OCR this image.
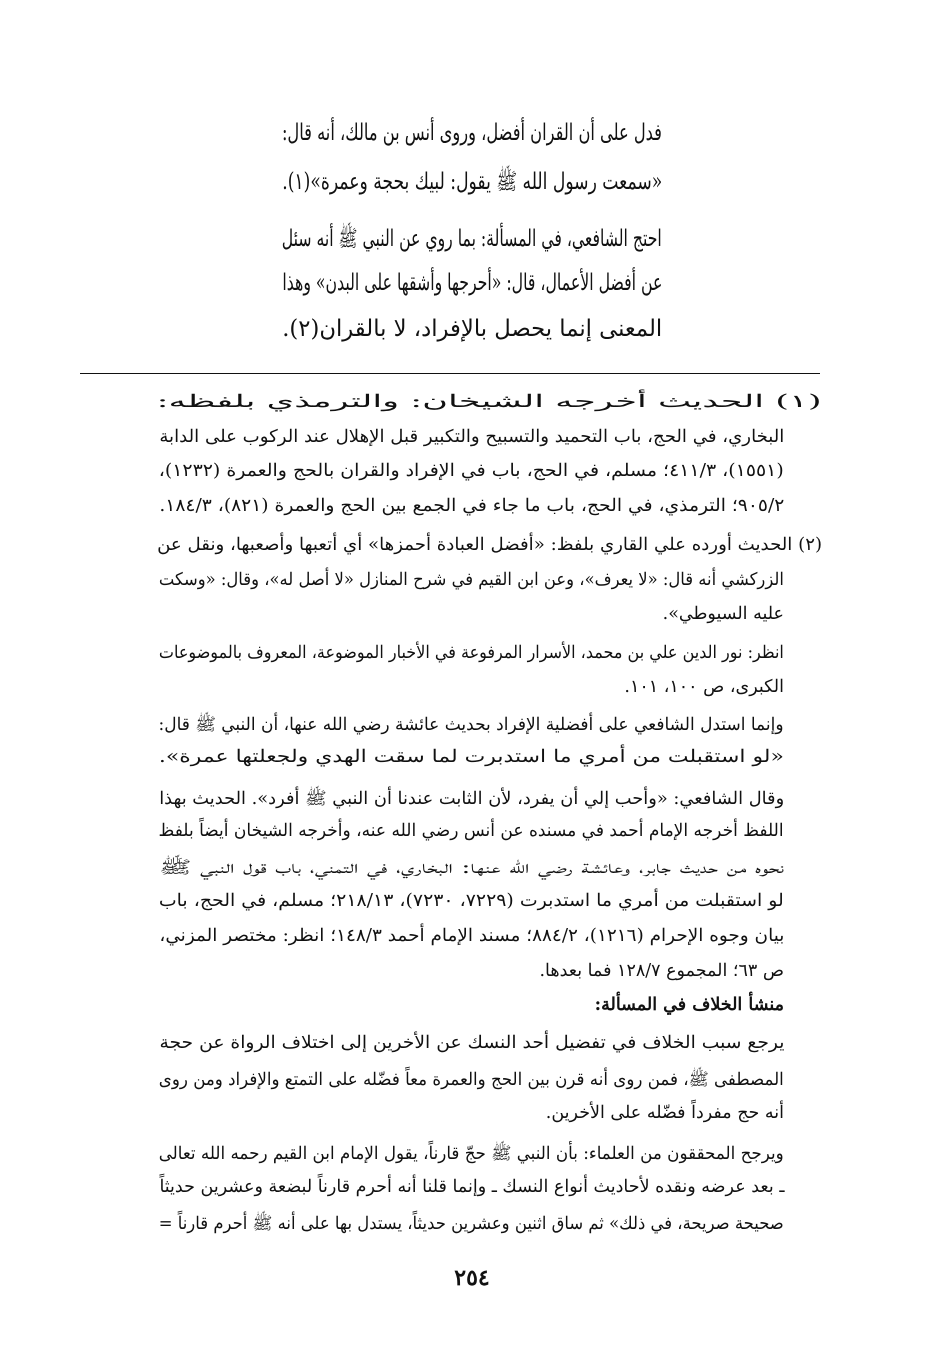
فدل على أن القران أفضل، وروى أنس بن مالك، أنه قال:
«سمعت رسول الله ﷺ يقول: لبيك بحجة وعمرة»(١).
احتج الشافعي، في المسألة: بما روي عن النبي ﷺ أنه سئل
عن أفضل الأعمال، قال: «أحرجها وأشقها على البدن» وهذا
المعنى إنما يحصل بالإفراد، لا بالقران(٢).
(١) الحديث أخرجه الشيخان: والترمذي بلفظه:
البخاري، في الحج، باب التحميد والتسبيح والتكبير قبل الإهلال عند الركوب على الدابة
(١٥٥١)، ٤١١/٣؛ مسلم، في الحج، باب في الإفراد والقران بالحج والعمرة (١٢٣٢)،
٩٠٥/٢؛ الترمذي، في الحج، باب ما جاء في الجمع بين الحج والعمرة (٨٢١)، ١٨٤/٣.
(٢) الحديث أورده علي القاري بلفظ: «أفضل العبادة أحمزها» أي أتعبها وأصعبها، ونقل عن
الزركشي أنه قال: «لا يعرف»، وعن ابن القيم في شرح المنازل «لا أصل له»، وقال: «وسكت
عليه السيوطي».
انظر: نور الدين علي بن محمد، الأسرار المرفوعة في الأخبار الموضوعة، المعروف بالموضوعات
الكبرى، ص ١٠٠، ١٠١.
وإنما استدل الشافعي على أفضلية الإفراد بحديث عائشة رضي الله عنها، أن النبي ﷺ قال:
«لو استقبلت من أمري ما استدبرت لما سقت الهدي ولجعلتها عمرة».
وقال الشافعي: «وأحب إلي أن يفرد، لأن الثابت عندنا أن النبي ﷺ أفرد». الحديث بهذا
اللفظ أخرجه الإمام أحمد في مسنده عن أنس رضي الله عنه، وأخرجه الشيخان أيضاً بلفظ
نحوه من حديث جابر، وعائشة رضي الله عنها: البخاري، في التمني، باب قول النبي ﷺ
لو استقبلت من أمري ما استدبرت (٧٢٢٩، ٧٢٣٠)، ٢١٨/١٣؛ مسلم، في الحج، باب
بيان وجوه الإحرام (١٢١٦)، ٨٨٤/٢؛ مسند الإمام أحمد ١٤٨/٣؛ انظر: مختصر المزني،
ص ٦٣؛ المجموع ١٢٨/٧ فما بعدها.
منشأ الخلاف في المسألة:
يرجع سبب الخلاف في تفضيل أحد النسك عن الأخرين إلى اختلاف الرواة عن حجة
المصطفى ﷺ، فمن روى أنه قرن بين الحج والعمرة معاً فضّله على التمتع والإفراد ومن روى
أنه حج مفرداً فضّله على الأخرين.
ويرجح المحققون من العلماء: بأن النبي ﷺ حجّ قارناً، يقول الإمام ابن القيم رحمه الله تعالى
ـ بعد عرضه ونقده لأحاديث أنواع النسك ـ وإنما قلنا أنه أحرم قارناً لبضعة وعشرين حديثاً
صحيحة صريحة، في ذلك» ثم ساق اثنين وعشرين حديثاً، يستدل بها على أنه ﷺ أحرم قارناً =
٢٥٤
